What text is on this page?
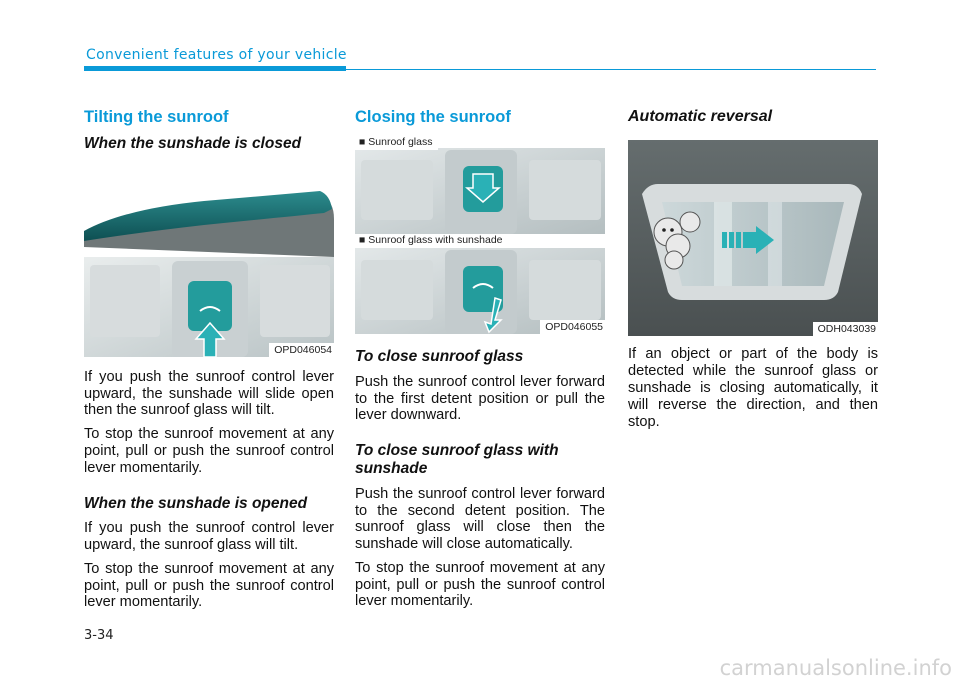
Convenient features of your vehicle
Tilting the sunroof
When the sunshade is closed
OPD046054

If you push the sunroof control lever upward, the sunshade will slide open then the sunroof glass will tilt.

To stop the sunroof movement at any point, pull or push the sunroof control lever momentarily.

When the sunshade is opened

If you push the sunroof control lever upward, the sunroof glass will tilt.

To stop the sunroof movement at any point, pull or push the sunroof control lever momentarily.

Closing the sunroof
■ Sunroof glass
■ Sunroof glass with sunshade
OPD046055
To close sunroof glass

Push the sunroof control lever forward to the first detent position or pull the lever downward.

To close sunroof glass with sunshade

Push the sunroof control lever forward to the second detent position. The sunroof glass will close then the sunshade will close automatically.

To stop the sunroof movement at any point, pull or push the sunroof control lever momentarily.

Automatic reversal
ODH043039

If an object or part of the body is detected while the sunroof glass or sunshade is closing automatically, it will reverse the direction, and then stop.

3-34

carmanualsonline.info
